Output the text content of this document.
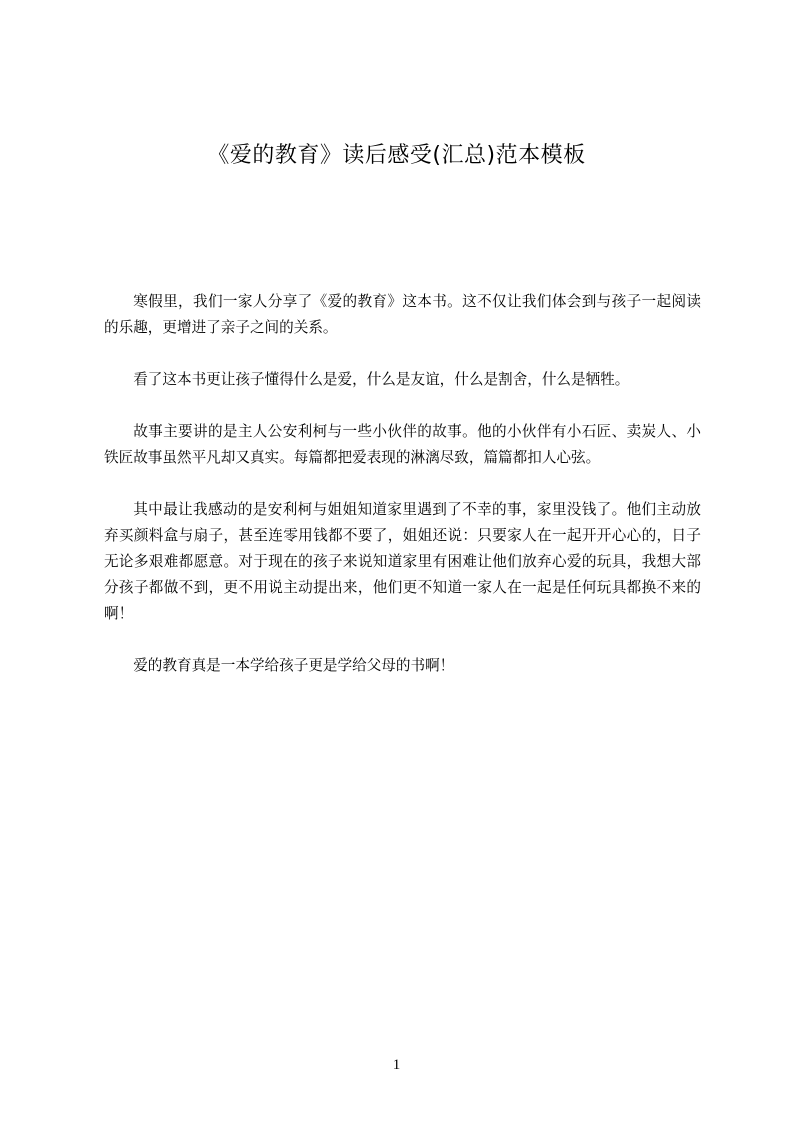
《爱的教育》读后感受(汇总)范本模板

寒假里，我们一家人分享了《爱的教育》这本书。这不仅让我们体会到与孩子一起阅读的乐趣，更增进了亲子之间的关系。

看了这本书更让孩子懂得什么是爱，什么是友谊，什么是割舍，什么是牺牲。

故事主要讲的是主人公安利柯与一些小伙伴的故事。他的小伙伴有小石匠、卖炭人、小铁匠故事虽然平凡却又真实。每篇都把爱表现的淋漓尽致，篇篇都扣人心弦。

其中最让我感动的是安利柯与姐姐知道家里遇到了不幸的事，家里没钱了。他们主动放弃买颜料盒与扇子，甚至连零用钱都不要了，姐姐还说：只要家人在一起开开心心的，日子无论多艰难都愿意。对于现在的孩子来说知道家里有困难让他们放弃心爱的玩具，我想大部分孩子都做不到，更不用说主动提出来，他们更不知道一家人在一起是任何玩具都换不来的啊！

爱的教育真是一本学给孩子更是学给父母的书啊！

1
